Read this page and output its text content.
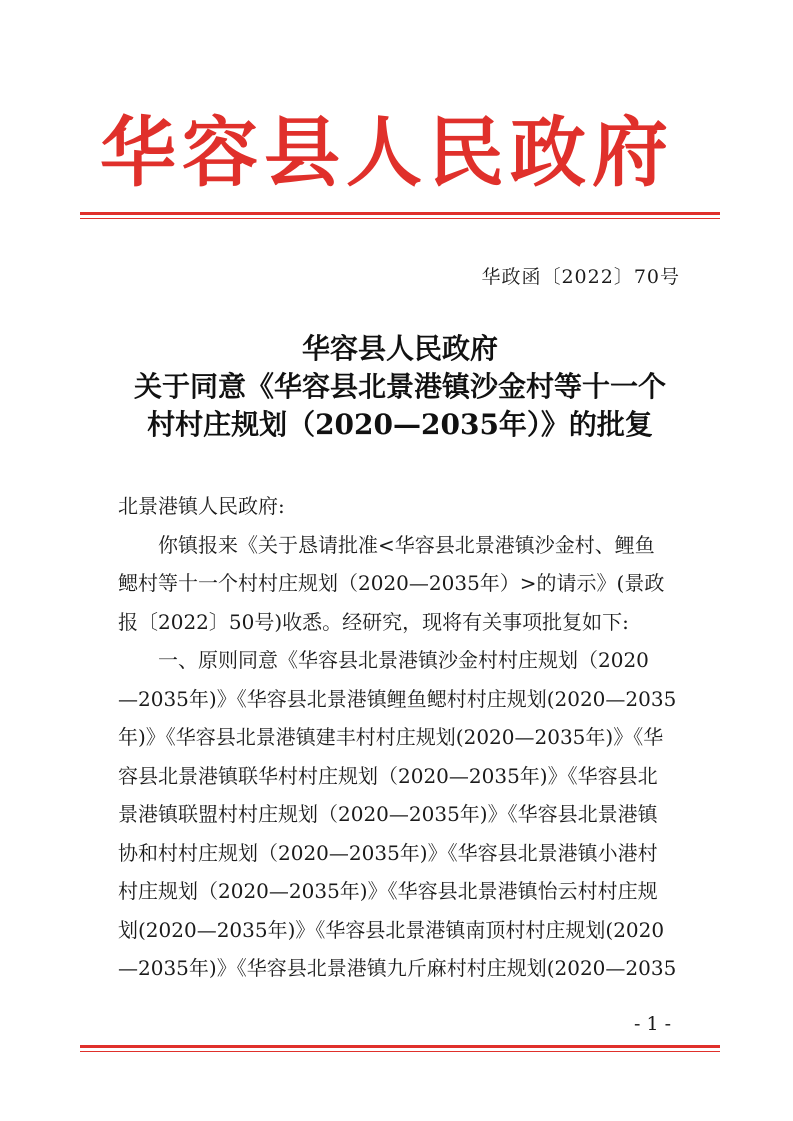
华容县人民政府
华政函〔2022〕70号
华容县人民政府
关于同意《华容县北景港镇沙金村等十一个
村村庄规划（2020—2035年）》的批复
北景港镇人民政府:
你镇报来《关于恳请批准<华容县北景港镇沙金村、鲤鱼
鳃村等十一个村村庄规划（2020—2035年）>的请示》(景政
报〔2022〕50号)收悉。经研究，现将有关事项批复如下:
一、原则同意《华容县北景港镇沙金村村庄规划（2020
—2035年)》《华容县北景港镇鲤鱼鳃村村庄规划(2020—2035
年)》《华容县北景港镇建丰村村庄规划(2020—2035年)》《华
容县北景港镇联华村村庄规划（2020—2035年)》《华容县北
景港镇联盟村村庄规划（2020—2035年)》《华容县北景港镇
协和村村庄规划（2020—2035年)》《华容县北景港镇小港村
村庄规划（2020—2035年)》《华容县北景港镇怡云村村庄规
划(2020—2035年)》《华容县北景港镇南顶村村庄规划(2020
—2035年)》《华容县北景港镇九斤麻村村庄规划(2020—2035
- 1 -
